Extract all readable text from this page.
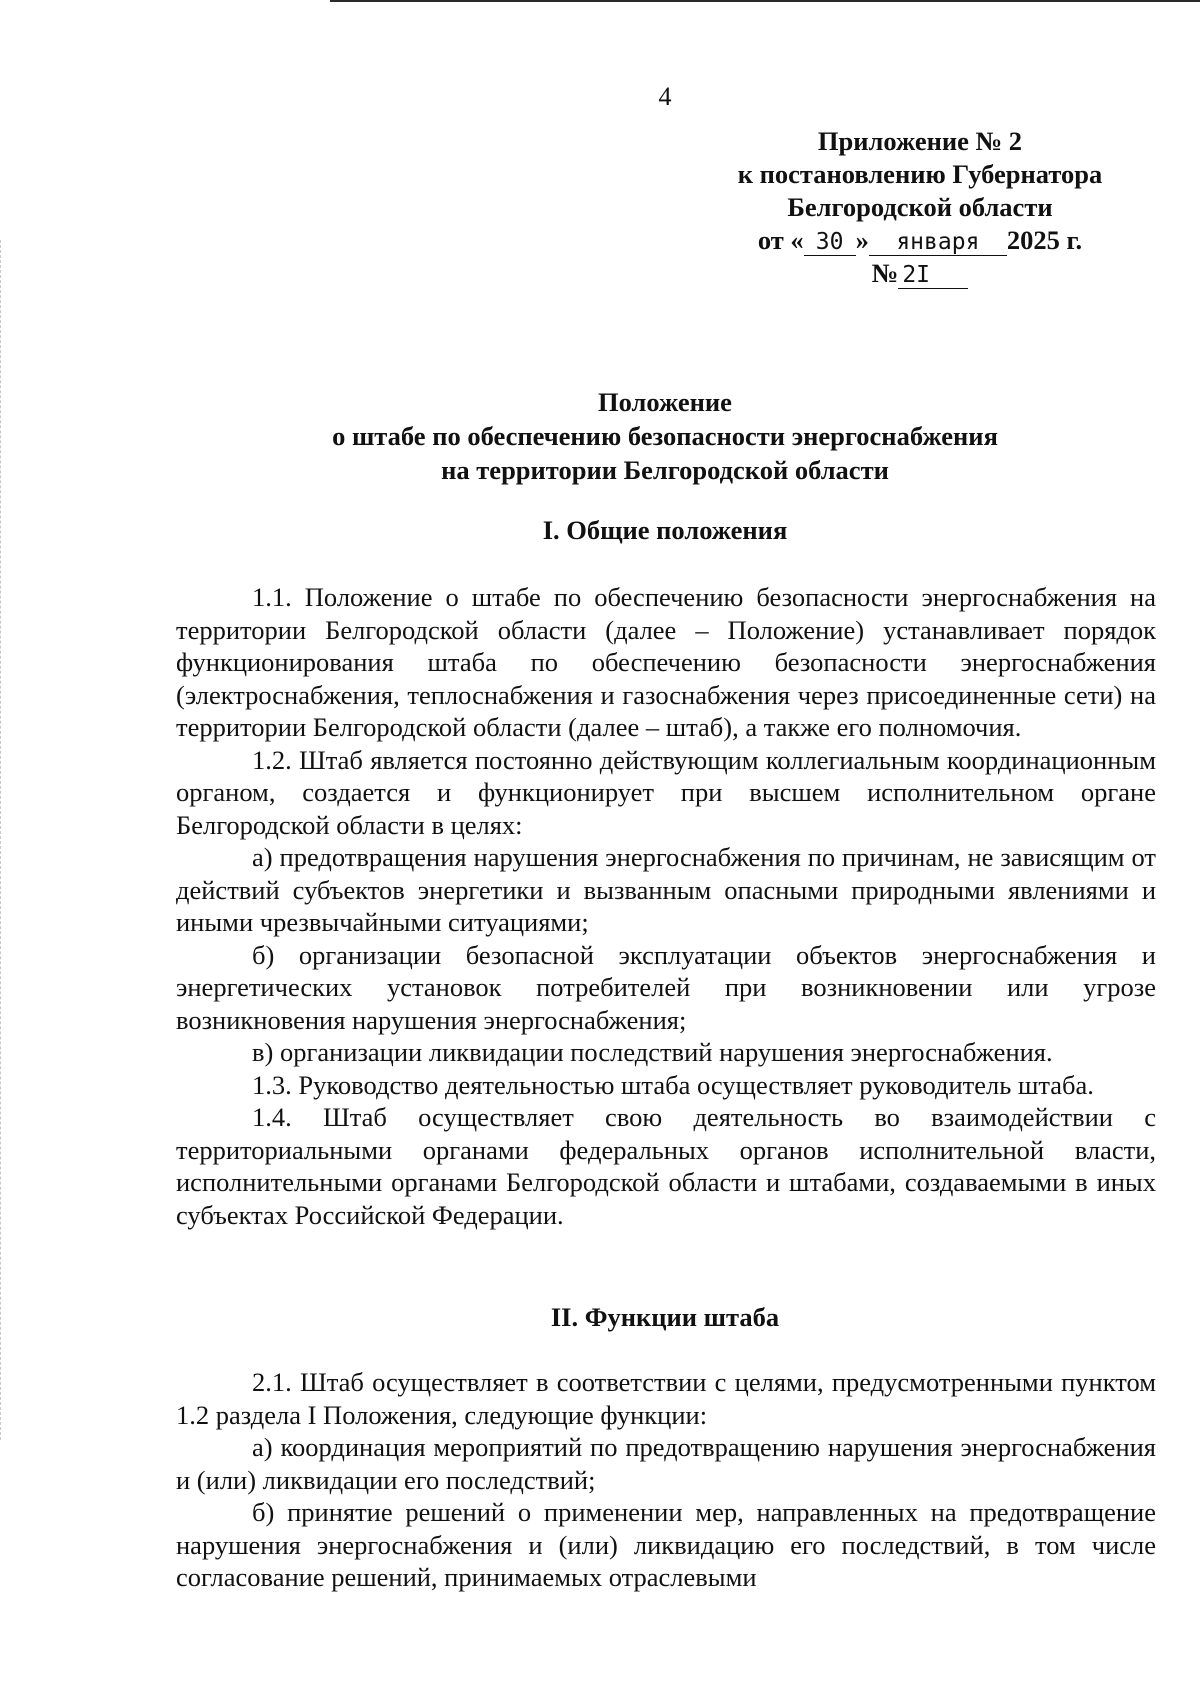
4
Приложение № 2
к постановлению Губернатора
Белгородской области
от « 30 » января 2025 г.
№ 2I
Положение
о штабе по обеспечению безопасности энергоснабжения
на территории Белгородской области
I. Общие положения

1.1. Положение о штабе по обеспечению безопасности энергоснабжения на территории Белгородской области (далее – Положение) устанавливает порядок функционирования штаба по обеспечению безопасности энергоснабжения (электроснабжения, теплоснабжения и газоснабжения через присоединенные сети) на территории Белгородской области (далее – штаб), а также его полномочия.

1.2. Штаб является постоянно действующим коллегиальным координационным органом, создается и функционирует при высшем исполнительном органе Белгородской области в целях:

а) предотвращения нарушения энергоснабжения по причинам, не зависящим от действий субъектов энергетики и вызванным опасными природными явлениями и иными чрезвычайными ситуациями;

б) организации безопасной эксплуатации объектов энергоснабжения и энергетических установок потребителей при возникновении или угрозе возникновения нарушения энергоснабжения;

в) организации ликвидации последствий нарушения энергоснабжения.

1.3. Руководство деятельностью штаба осуществляет руководитель штаба.

1.4. Штаб осуществляет свою деятельность во взаимодействии с территориальными органами федеральных органов исполнительной власти, исполнительными органами Белгородской области и штабами, создаваемыми в иных субъектах Российской Федерации.

II. Функции штаба

2.1. Штаб осуществляет в соответствии с целями, предусмотренными пунктом 1.2 раздела I Положения, следующие функции:

а) координация мероприятий по предотвращению нарушения энергоснабжения и (или) ликвидации его последствий;

б) принятие решений о применении мер, направленных на предотвращение нарушения энергоснабжения и (или) ликвидацию его последствий, в том числе согласование решений, принимаемых отраслевыми
